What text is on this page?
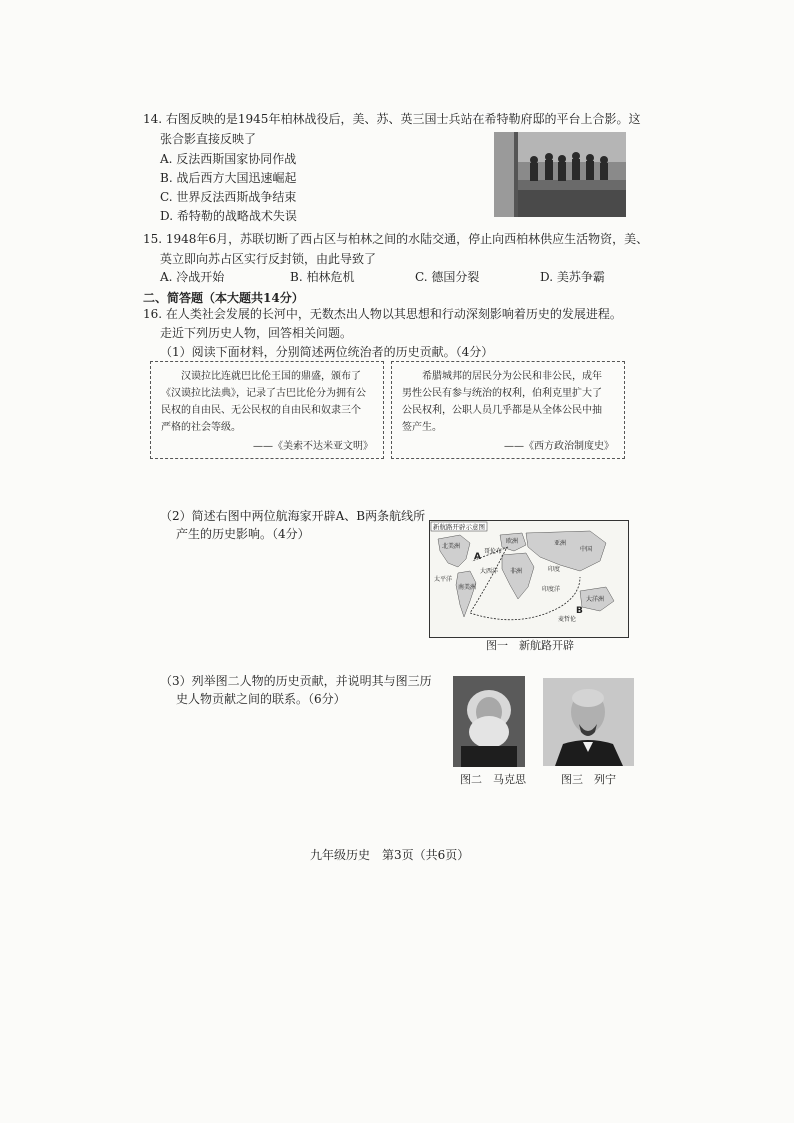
14. 右图反映的是1945年柏林战役后，美、苏、英三国士兵站在希特勒府邸的平台上合影。这
张合影直接反映了
A. 反法西斯国家协同作战
B. 战后西方大国迅速崛起
C. 世界反法西斯战争结束
D. 希特勒的战略战术失误
15. 1948年6月，苏联切断了西占区与柏林之间的水陆交通，停止向西柏林供应生活物资，美、
英立即向苏占区实行反封锁，由此导致了
A. 冷战开始	B. 柏林危机	C. 德国分裂	D. 美苏争霸
二、简答题（本大题共14分）
16. 在人类社会发展的长河中，无数杰出人物以其思想和行动深刻影响着历史的发展进程。
走近下列历史人物，回答相关问题。
（1）阅读下面材料，分别简述两位统治者的历史贡献。（4分）
汉谟拉比连就巴比伦王国的鼎盛，颁布了
《汉谟拉比法典》，记录了古巴比伦分为拥有公
民权的自由民、无公民权的自由民和奴隶三个
严格的社会等级。
——《美索不达米亚文明》
希腊城邦的居民分为公民和非公民，成年
男性公民有参与统治的权利，伯利克里扩大了
公民权利，公职人员几乎都是从全体公民中抽
签产生。
——《西方政治制度史》
（2）简述右图中两位航海家开辟A、B两条航线所
产生的历史影响。（4分）	新航路开辟示意图
北美洲
南美洲
欧洲	亚洲
非洲
大洋洲
中国
印度
印度洋
太平洋
大西洋
A
B
麦哲伦
哥伦布
图一　新航路开辟
（3）列举图二人物的历史贡献，并说明其与图三历
史人物贡献之间的联系。（6分）
图二　马克思	图三　列宁
九年级历史　第3页（共6页）
